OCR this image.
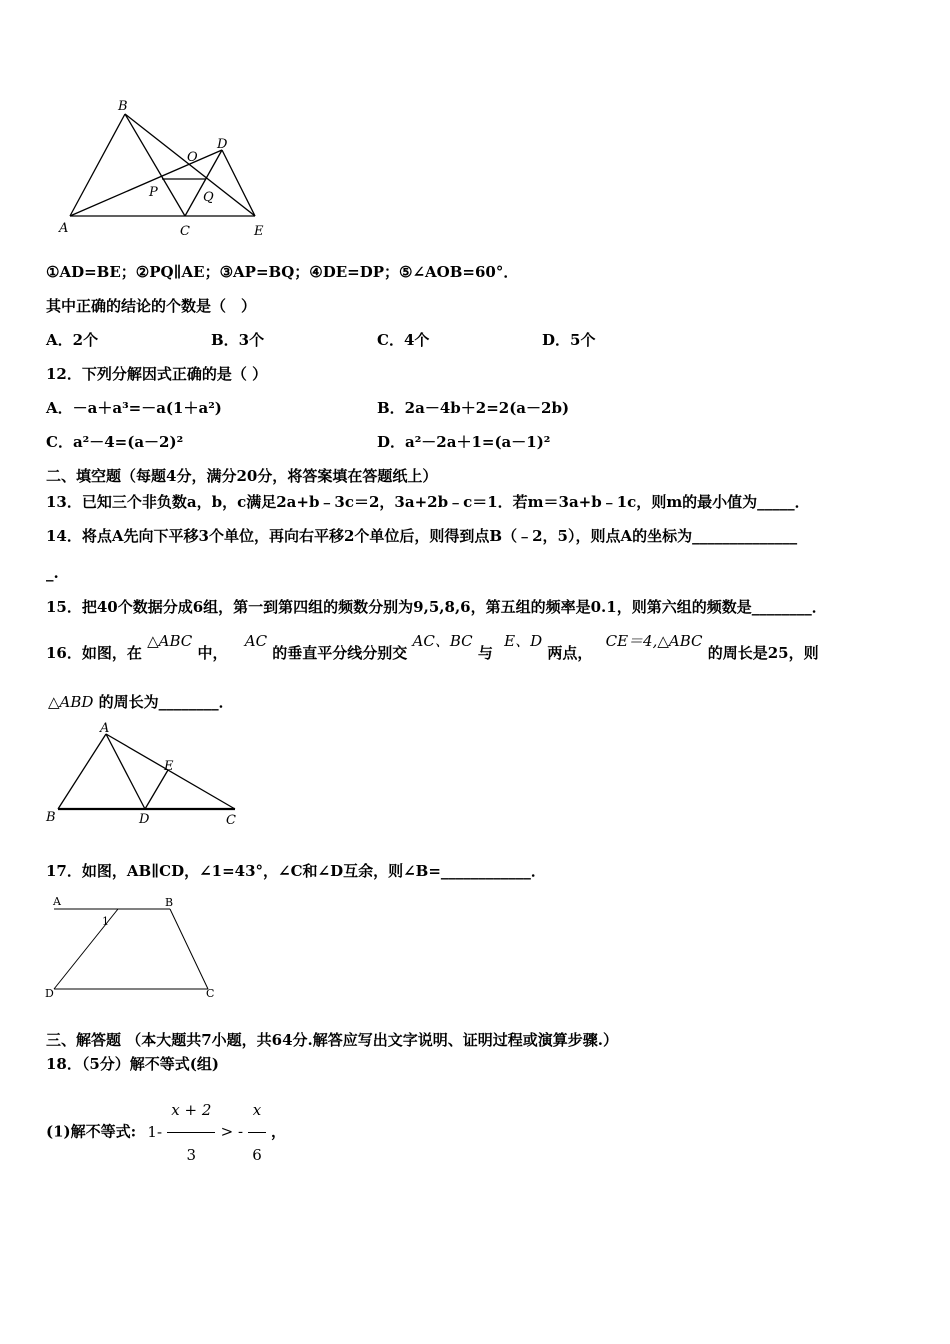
B
D
O
P	Q
A	C	E
①AD=BE；②PQ∥AE；③AP=BQ；④DE=DP；⑤∠AOB=60°．
其中正确的结论的个数是（　）
A．2个	B．3个	C．4个	D．5个
12．下列分解因式正确的是（ ）
A．－a＋a³=－a(1＋a²)	B．2a－4b＋2=2(a－2b)
C．a²－4=(a－2)²	D．a²－2a＋1=(a－1)²
二、填空题（每题4分，满分20分，将答案填在答题纸上）
13．已知三个非负数a，b，c满足2a+b﹣3c＝2，3a+2b﹣c＝1．若m＝3a+b﹣1c，则m的最小值为_____．
14．将点A先向下平移3个单位，再向右平移2个单位后，则得到点B（﹣2，5），则点A的坐标为______________
_.
15．把40个数据分成6组，第一到第四组的频数分别为9,5,8,6，第五组的频率是0.1，则第六组的频数是________．
16．如图，在 △ABC 中， AC 的垂直平分线分别交 AC、BC 与 E、D 两点， CE＝4,△ABC 的周长是25，则
△ABD 的周长为________．
A
E
B	D	C
17．如图，AB∥CD，∠1=43°，∠C和∠D互余，则∠B=____________．
A	B
1
D	C
三、解答题 （本大题共7小题，共64分.解答应写出文字说明、证明过程或演算步骤.）
18．（5分）解不等式(组)
(1)解不等式: $1- \frac{x + 2}{3}$ > - $\frac{x}{6}$ ，
